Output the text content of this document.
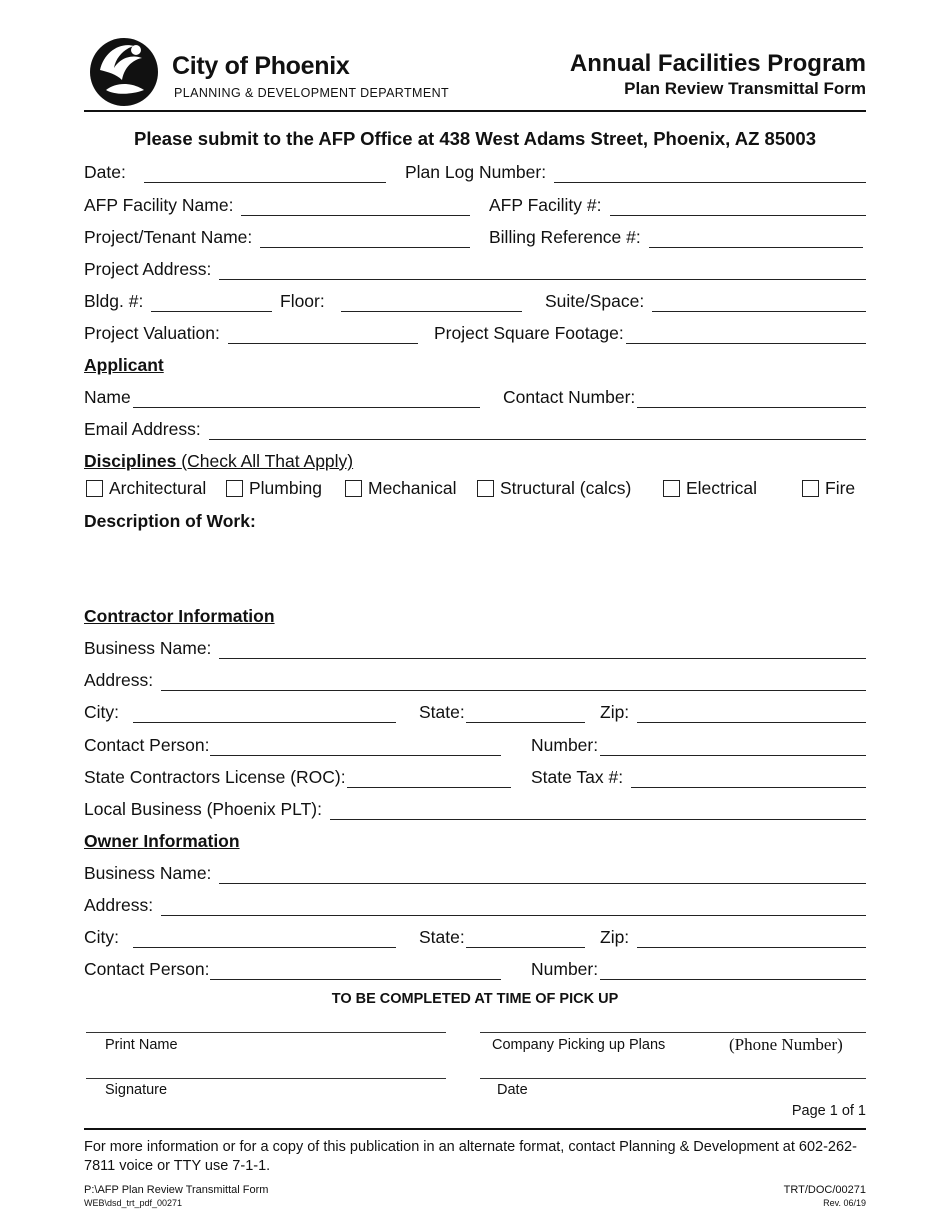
City of Phoenix
PLANNING & DEVELOPMENT DEPARTMENT
Annual Facilities Program
Plan Review Transmittal Form
Please submit to the AFP Office at 438 West Adams Street, Phoenix, AZ 85003
Date:	Plan Log Number:
AFP Facility Name:	AFP Facility #:
Project/Tenant Name:	Billing Reference #:
Project Address:
Bldg. #:	Floor:	Suite/Space:
Project Valuation:	Project Square Footage:
Applicant
Name	Contact Number:
Email Address:
Disciplines (Check All That Apply)
Architectural Plumbing	Mechanical Structural (calcs)	Electrical	Fire
Description of Work:
Contractor Information
Business Name:
Address:
City:	State:	Zip:
Contact Person:	Number:
State Contractors License (ROC):	State Tax #:
Local Business (Phoenix PLT):
Owner Information
Business Name:
Address:
City:	State:	Zip:
Contact Person:	Number:
TO BE COMPLETED AT TIME OF PICK UP
Print Name	Company Picking up Plans	(Phone Number)
Signature	Date
Page 1 of 1
For more information or for a copy of this publication in an alternate format, contact Planning & Development at 602-262-7811 voice or TTY use 7-1-1.
P:\AFP Plan Review Transmittal Form
WEB\dsd_trt_pdf_00271
TRT/DOC/00271
Rev. 06/19
